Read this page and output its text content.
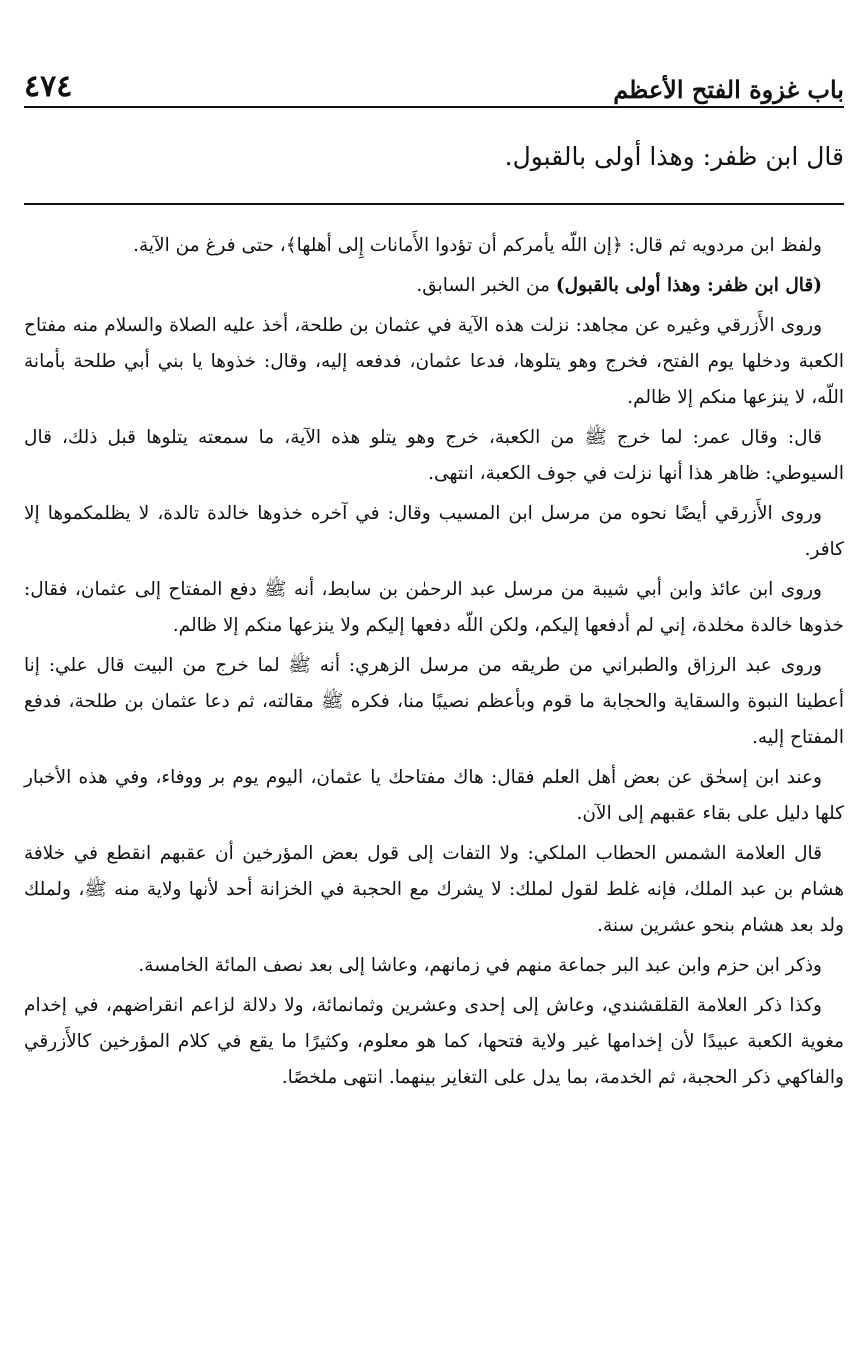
باب غزوة الفتح الأعظم
٤٧٤
قال ابن ظفر: وهذا أولى بالقبول.

ولفظ ابن مردويه ثم قال: ﴿إن اللّه يأمركم أن تؤدوا الأَمانات إِلى أهلها﴾، حتى فرغ من الآية.

(قال ابن ظفر: وهذا أولى بالقبول) من الخبر السابق.

وروى الأَزرقي وغيره عن مجاهد: نزلت هذه الآية في عثمان بن طلحة، أخذ عليه الصلاة والسلام منه مفتاح الكعبة ودخلها يوم الفتح، فخرج وهو يتلوها، فدعا عثمان، فدفعه إليه، وقال: خذوها يا بني أبي طلحة بأمانة اللّه، لا ينزعها منكم إلا ظالم.

قال: وقال عمر: لما خرج ﷺ من الكعبة، خرج وهو يتلو هذه الآية، ما سمعته يتلوها قبل ذلك، قال السيوطي: ظاهر هذا أنها نزلت في جوف الكعبة، انتهى.

وروى الأَزرقي أيضًا نحوه من مرسل ابن المسيب وقال: في آخره خذوها خالدة تالدة، لا يظلمكموها إلا كافر.

وروى ابن عائذ وابن أبي شيبة من مرسل عبد الرحمٰن بن سابط، أنه ﷺ دفع المفتاح إلى عثمان، فقال: خذوها خالدة مخلدة، إني لم أدفعها إليكم، ولكن اللّه دفعها إليكم ولا ينزعها منكم إلا ظالم.

وروى عبد الرزاق والطبراني من طريقه من مرسل الزهري: أنه ﷺ لما خرج من البيت قال علي: إنا أعطينا النبوة والسقاية والحجابة ما قوم وبأعظم نصيبًا منا، فكره ﷺ مقالته، ثم دعا عثمان بن طلحة، فدفع المفتاح إليه.

وعند ابن إسحٰق عن بعض أهل العلم فقال: هاك مفتاحك يا عثمان، اليوم يوم بر ووفاء، وفي هذه الأخبار كلها دليل على بقاء عقبهم إلى الآن.

قال العلامة الشمس الحطاب الملكي: ولا التفات إلى قول بعض المؤرخين أن عقبهم انقطع في خلافة هشام بن عبد الملك، فإنه غلط لقول لملك: لا يشرك مع الحجبة في الخزانة أحد لأنها ولاية منه ﷺ، ولملك ولد بعد هشام بنحو عشرين سنة.

وذكر ابن حزم وابن عبد البر جماعة منهم في زمانهم، وعاشا إلى بعد نصف المائة الخامسة.

وكذا ذكر العلامة القلقشندي، وعاش إلى إحدى وعشرين وثمانمائة، ولا دلالة لزاعم انقراضهم، في إخدام مغوية الكعبة عبيدًا لأن إخدامها غير ولاية فتحها، كما هو معلوم، وكثيرًا ما يقع في كلام المؤرخين كالأَزرقي والفاكهي ذكر الحجبة، ثم الخدمة، بما يدل على التغاير بينهما. انتهى ملخصًا.
